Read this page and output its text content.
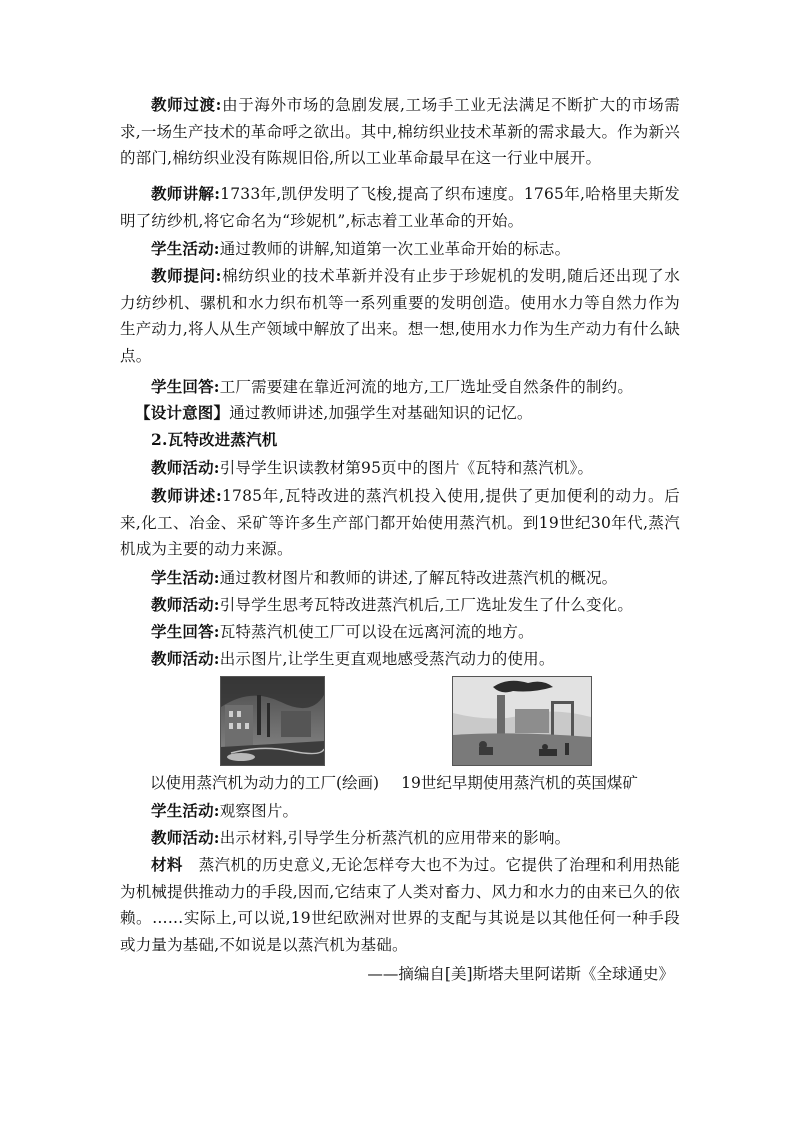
教师过渡:由于海外市场的急剧发展,工场手工业无法满足不断扩大的市场需求,一场生产技术的革命呼之欲出。其中,棉纺织业技术革新的需求最大。作为新兴的部门,棉纺织业没有陈规旧俗,所以工业革命最早在这一行业中展开。

教师讲解:1733年,凯伊发明了飞梭,提高了织布速度。1765年,哈格里夫斯发明了纺纱机,将它命名为“珍妮机”,标志着工业革命的开始。

学生活动:通过教师的讲解,知道第一次工业革命开始的标志。

教师提问:棉纺织业的技术革新并没有止步于珍妮机的发明,随后还出现了水力纺纱机、骡机和水力织布机等一系列重要的发明创造。使用水力等自然力作为生产动力,将人从生产领域中解放了出来。想一想,使用水力作为生产动力有什么缺点。

学生回答:工厂需要建在靠近河流的地方,工厂选址受自然条件的制约。

【设计意图】通过教师讲述,加强学生对基础知识的记忆。

2.瓦特改进蒸汽机

教师活动:引导学生识读教材第95页中的图片《瓦特和蒸汽机》。

教师讲述:1785年,瓦特改进的蒸汽机投入使用,提供了更加便利的动力。后来,化工、冶金、采矿等许多生产部门都开始使用蒸汽机。到19世纪30年代,蒸汽机成为主要的动力来源。

学生活动:通过教材图片和教师的讲述,了解瓦特改进蒸汽机的概况。

教师活动:引导学生思考瓦特改进蒸汽机后,工厂选址发生了什么变化。

学生回答:瓦特蒸汽机使工厂可以设在远离河流的地方。

教师活动:出示图片,让学生更直观地感受蒸汽动力的使用。

以使用蒸汽机为动力的工厂(绘画) 19世纪早期使用蒸汽机的英国煤矿

学生活动:观察图片。

教师活动:出示材料,引导学生分析蒸汽机的应用带来的影响。

材料 蒸汽机的历史意义,无论怎样夸大也不为过。它提供了治理和利用热能为机械提供推动力的手段,因而,它结束了人类对畜力、风力和水力的由来已久的依赖。……实际上,可以说,19世纪欧洲对世界的支配与其说是以其他任何一种手段或力量为基础,不如说是以蒸汽机为基础。

——摘编自[美]斯塔夫里阿诺斯《全球通史》
